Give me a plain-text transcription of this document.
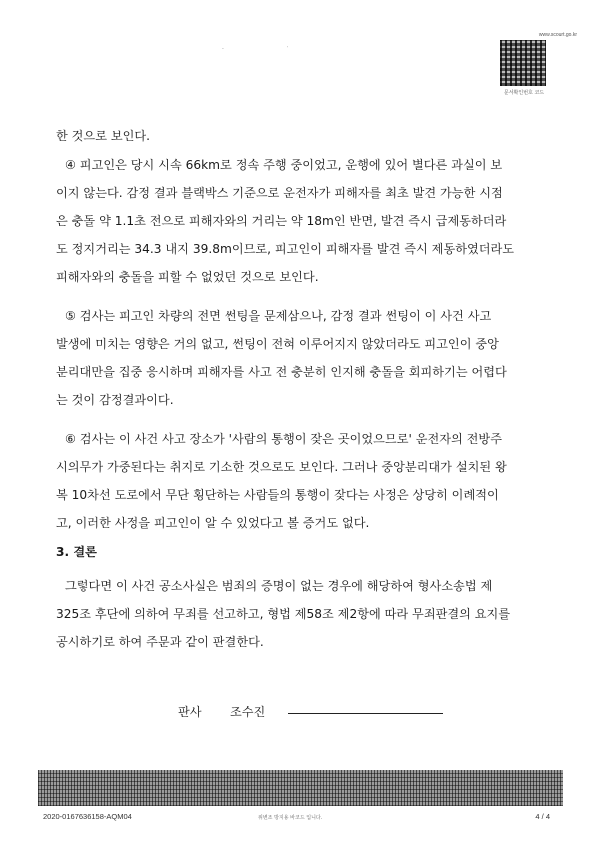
· ˙
www.scourt.go.kr
문서확인번호 코드

한 것으로 보인다.

④ 피고인은 당시 시속 66km로 정속 주행 중이었고, 운행에 있어 별다른 과실이 보

이지 않는다. 감정 결과 블랙박스 기준으로 운전자가 피해자를 최초 발견 가능한 시점

은 충돌 약 1.1초 전으로 피해자와의 거리는 약 18m인 반면, 발견 즉시 급제동하더라

도 정지거리는 34.3 내지 39.8m이므로, 피고인이 피해자를 발견 즉시 제동하였더라도

피해자와의 충돌을 피할 수 없었던 것으로 보인다.

⑤ 검사는 피고인 차량의 전면 썬팅을 문제삼으나, 감정 결과 썬팅이 이 사건 사고

발생에 미치는 영향은 거의 없고, 썬팅이 전혀 이루어지지 않았더라도 피고인이 중앙

분리대만을 집중 응시하며 피해자를 사고 전 충분히 인지해 충돌을 회피하기는 어렵다

는 것이 감정결과이다.

⑥ 검사는 이 사건 사고 장소가 '사람의 통행이 잦은 곳이었으므로' 운전자의 전방주

시의무가 가중된다는 취지로 기소한 것으로도 보인다. 그러나 중앙분리대가 설치된 왕

복 10차선 도로에서 무단 횡단하는 사람들의 통행이 잦다는 사정은 상당히 이례적이

고, 이러한 사정을 피고인이 알 수 있었다고 볼 증거도 없다.

3. 결론

그렇다면 이 사건 공소사실은 범죄의 증명이 없는 경우에 해당하여 형사소송법 제

325조 후단에 의하여 무죄를 선고하고, 형법 제58조 제2항에 따라 무죄판결의 요지를

공시하기로 하여 주문과 같이 판결한다.

판사 조수진
2020-0167636158-AQM04	위변조 방지용 바코드 입니다.	4 / 4
